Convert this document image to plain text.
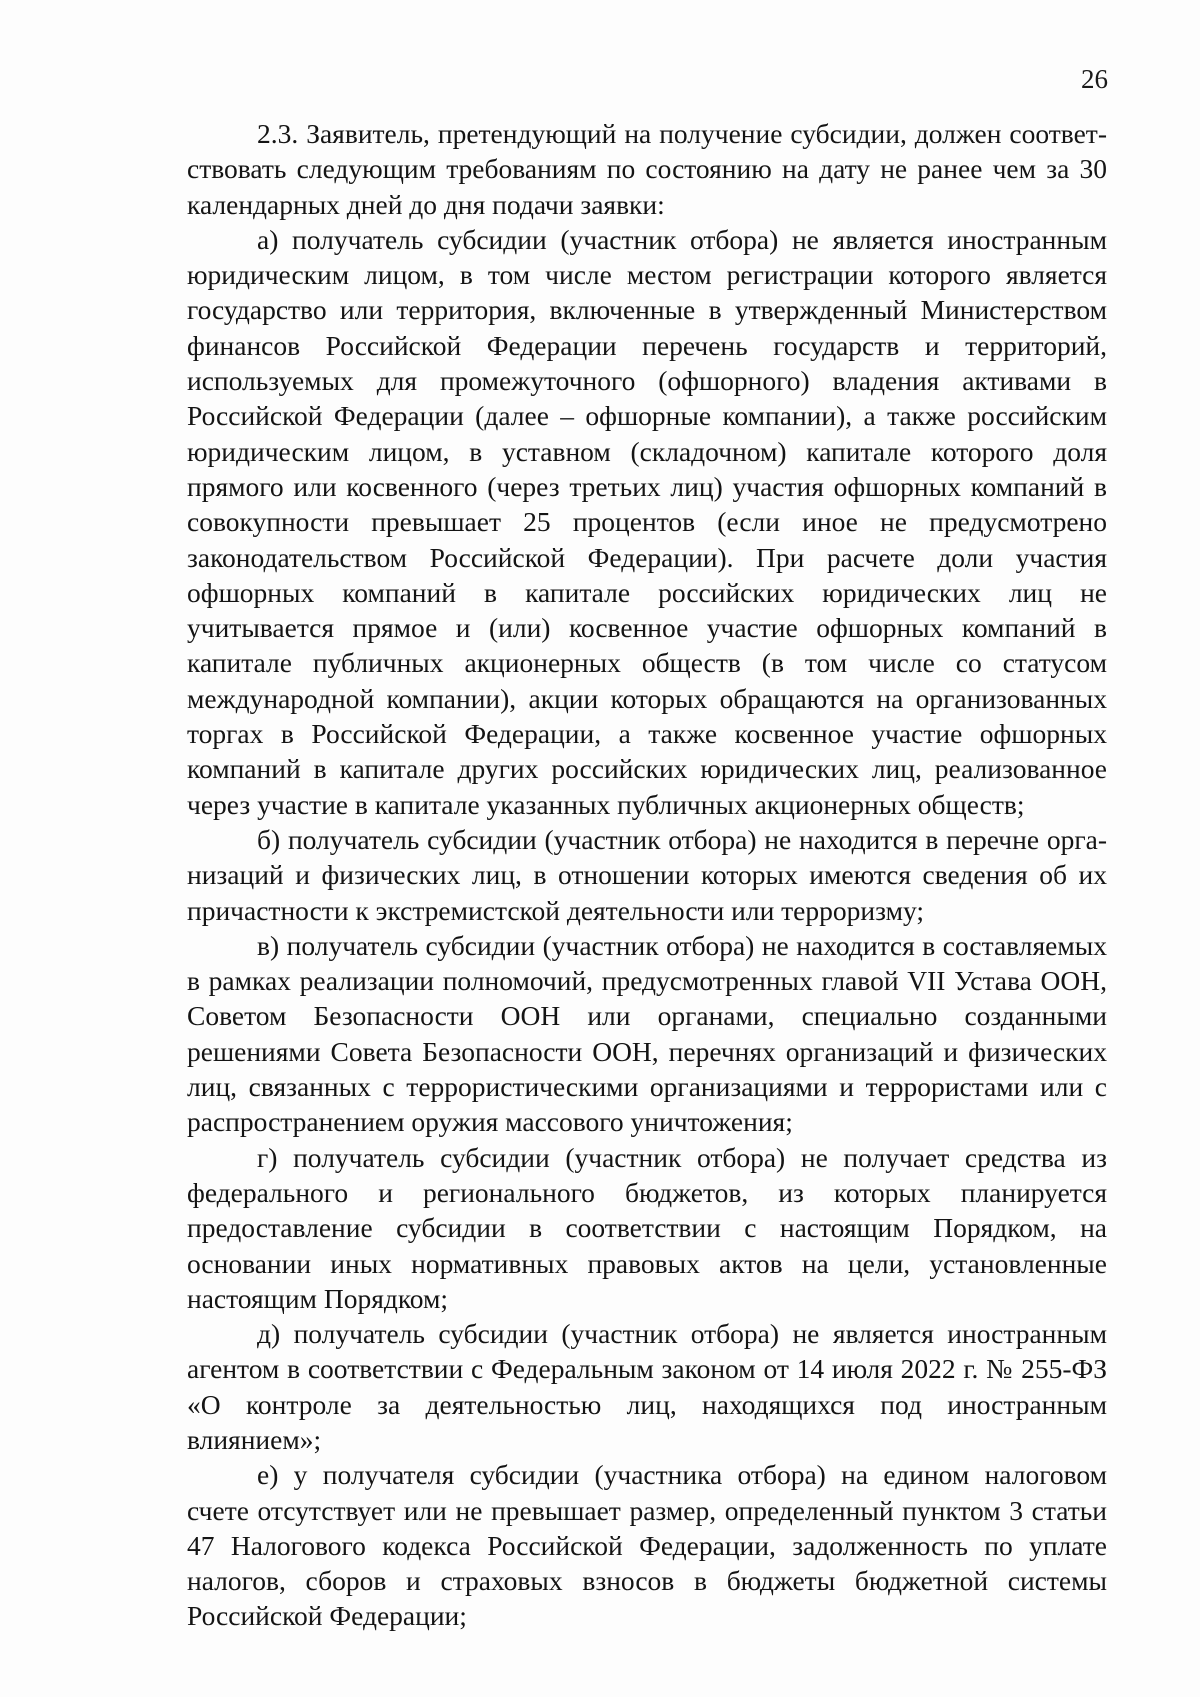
26

2.3. Заявитель, претендующий на получение субсидии, должен соответствовать следующим требованиям по состоянию на дату не ранее чем за 30 календарных дней до дня подачи заявки:

а) получатель субсидии (участник отбора) не является иностранным юридическим лицом, в том числе местом регистрации которого является государство или территория, включенные в утвержденный Министерством финансов Российской Федерации перечень государств и территорий, используемых для промежуточного (офшорного) владения активами в Российской Федерации (далее – офшорные компании), а также российским юридическим лицом, в уставном (складочном) капитале которого доля прямого или косвенного (через третьих лиц) участия офшорных компаний в совокупности превышает 25 процентов (если иное не предусмотрено законодательством Российской Федерации). При расчете доли участия офшорных компаний в капитале российских юридических лиц не учитывается прямое и (или) косвенное участие офшорных компаний в капитале публичных акционерных обществ (в том числе со статусом международной компании), акции которых обращаются на организованных торгах в Российской Федерации, а также косвенное участие офшорных компаний в капитале других российских юридических лиц, реализованное через участие в капитале указанных публичных акционерных обществ;

б) получатель субсидии (участник отбора) не находится в перечне организаций и физических лиц, в отношении которых имеются сведения об их причастности к экстремистской деятельности или терроризму;

в) получатель субсидии (участник отбора) не находится в составляемых в рамках реализации полномочий, предусмотренных главой VII Устава ООН, Советом Безопасности ООН или органами, специально созданными решениями Совета Безопасности ООН, перечнях организаций и физических лиц, связанных с террористическими организациями и террористами или с распространением оружия массового уничтожения;

г) получатель субсидии (участник отбора) не получает средства из федерального и регионального бюджетов, из которых планируется предоставление субсидии в соответствии с настоящим Порядком, на основании иных нормативных правовых актов на цели, установленные настоящим Порядком;

д) получатель субсидии (участник отбора) не является иностранным агентом в соответствии с Федеральным законом от 14 июля 2022 г. № 255-ФЗ «О контроле за деятельностью лиц, находящихся под иностранным влиянием»;

е) у получателя субсидии (участника отбора) на едином налоговом счете отсутствует или не превышает размер, определенный пунктом 3 статьи 47 Налогового кодекса Российской Федерации, задолженность по уплате налогов, сборов и страховых взносов в бюджеты бюджетной системы Российской Федерации;
